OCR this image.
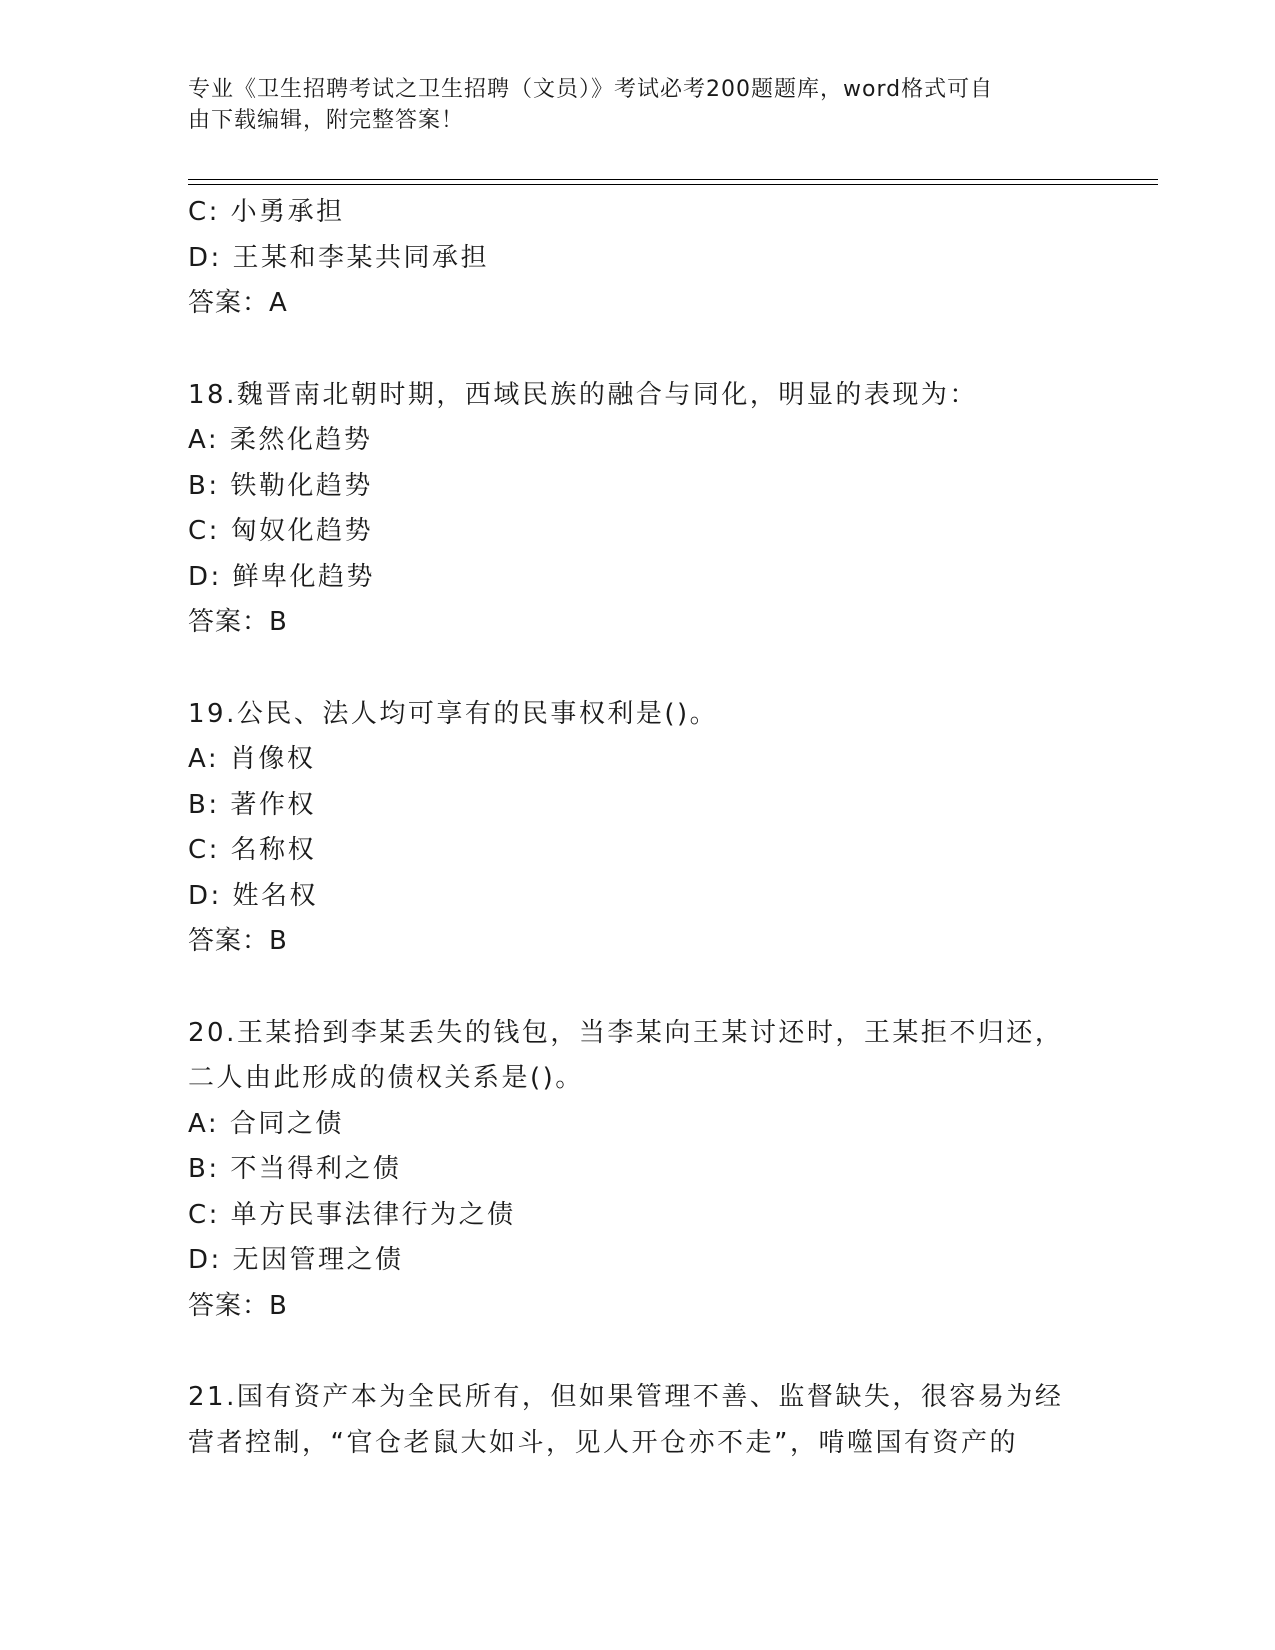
专业《卫生招聘考试之卫生招聘（文员）》考试必考200题题库，word格式可自
由下载编辑，附完整答案！
C: 小勇承担
D: 王某和李某共同承担
答案：A
18.魏晋南北朝时期，西域民族的融合与同化，明显的表现为：
A: 柔然化趋势
B: 铁勒化趋势
C: 匈奴化趋势
D: 鲜卑化趋势
答案：B
19.公民、法人均可享有的民事权利是()。
A: 肖像权
B: 著作权
C: 名称权
D: 姓名权
答案：B
20.王某拾到李某丢失的钱包，当李某向王某讨还时，王某拒不归还，
二人由此形成的债权关系是()。
A: 合同之债
B: 不当得利之债
C: 单方民事法律行为之债
D: 无因管理之债
答案：B
21.国有资产本为全民所有，但如果管理不善、监督缺失，很容易为经
营者控制，“官仓老鼠大如斗，见人开仓亦不走”，啃噬国有资产的
